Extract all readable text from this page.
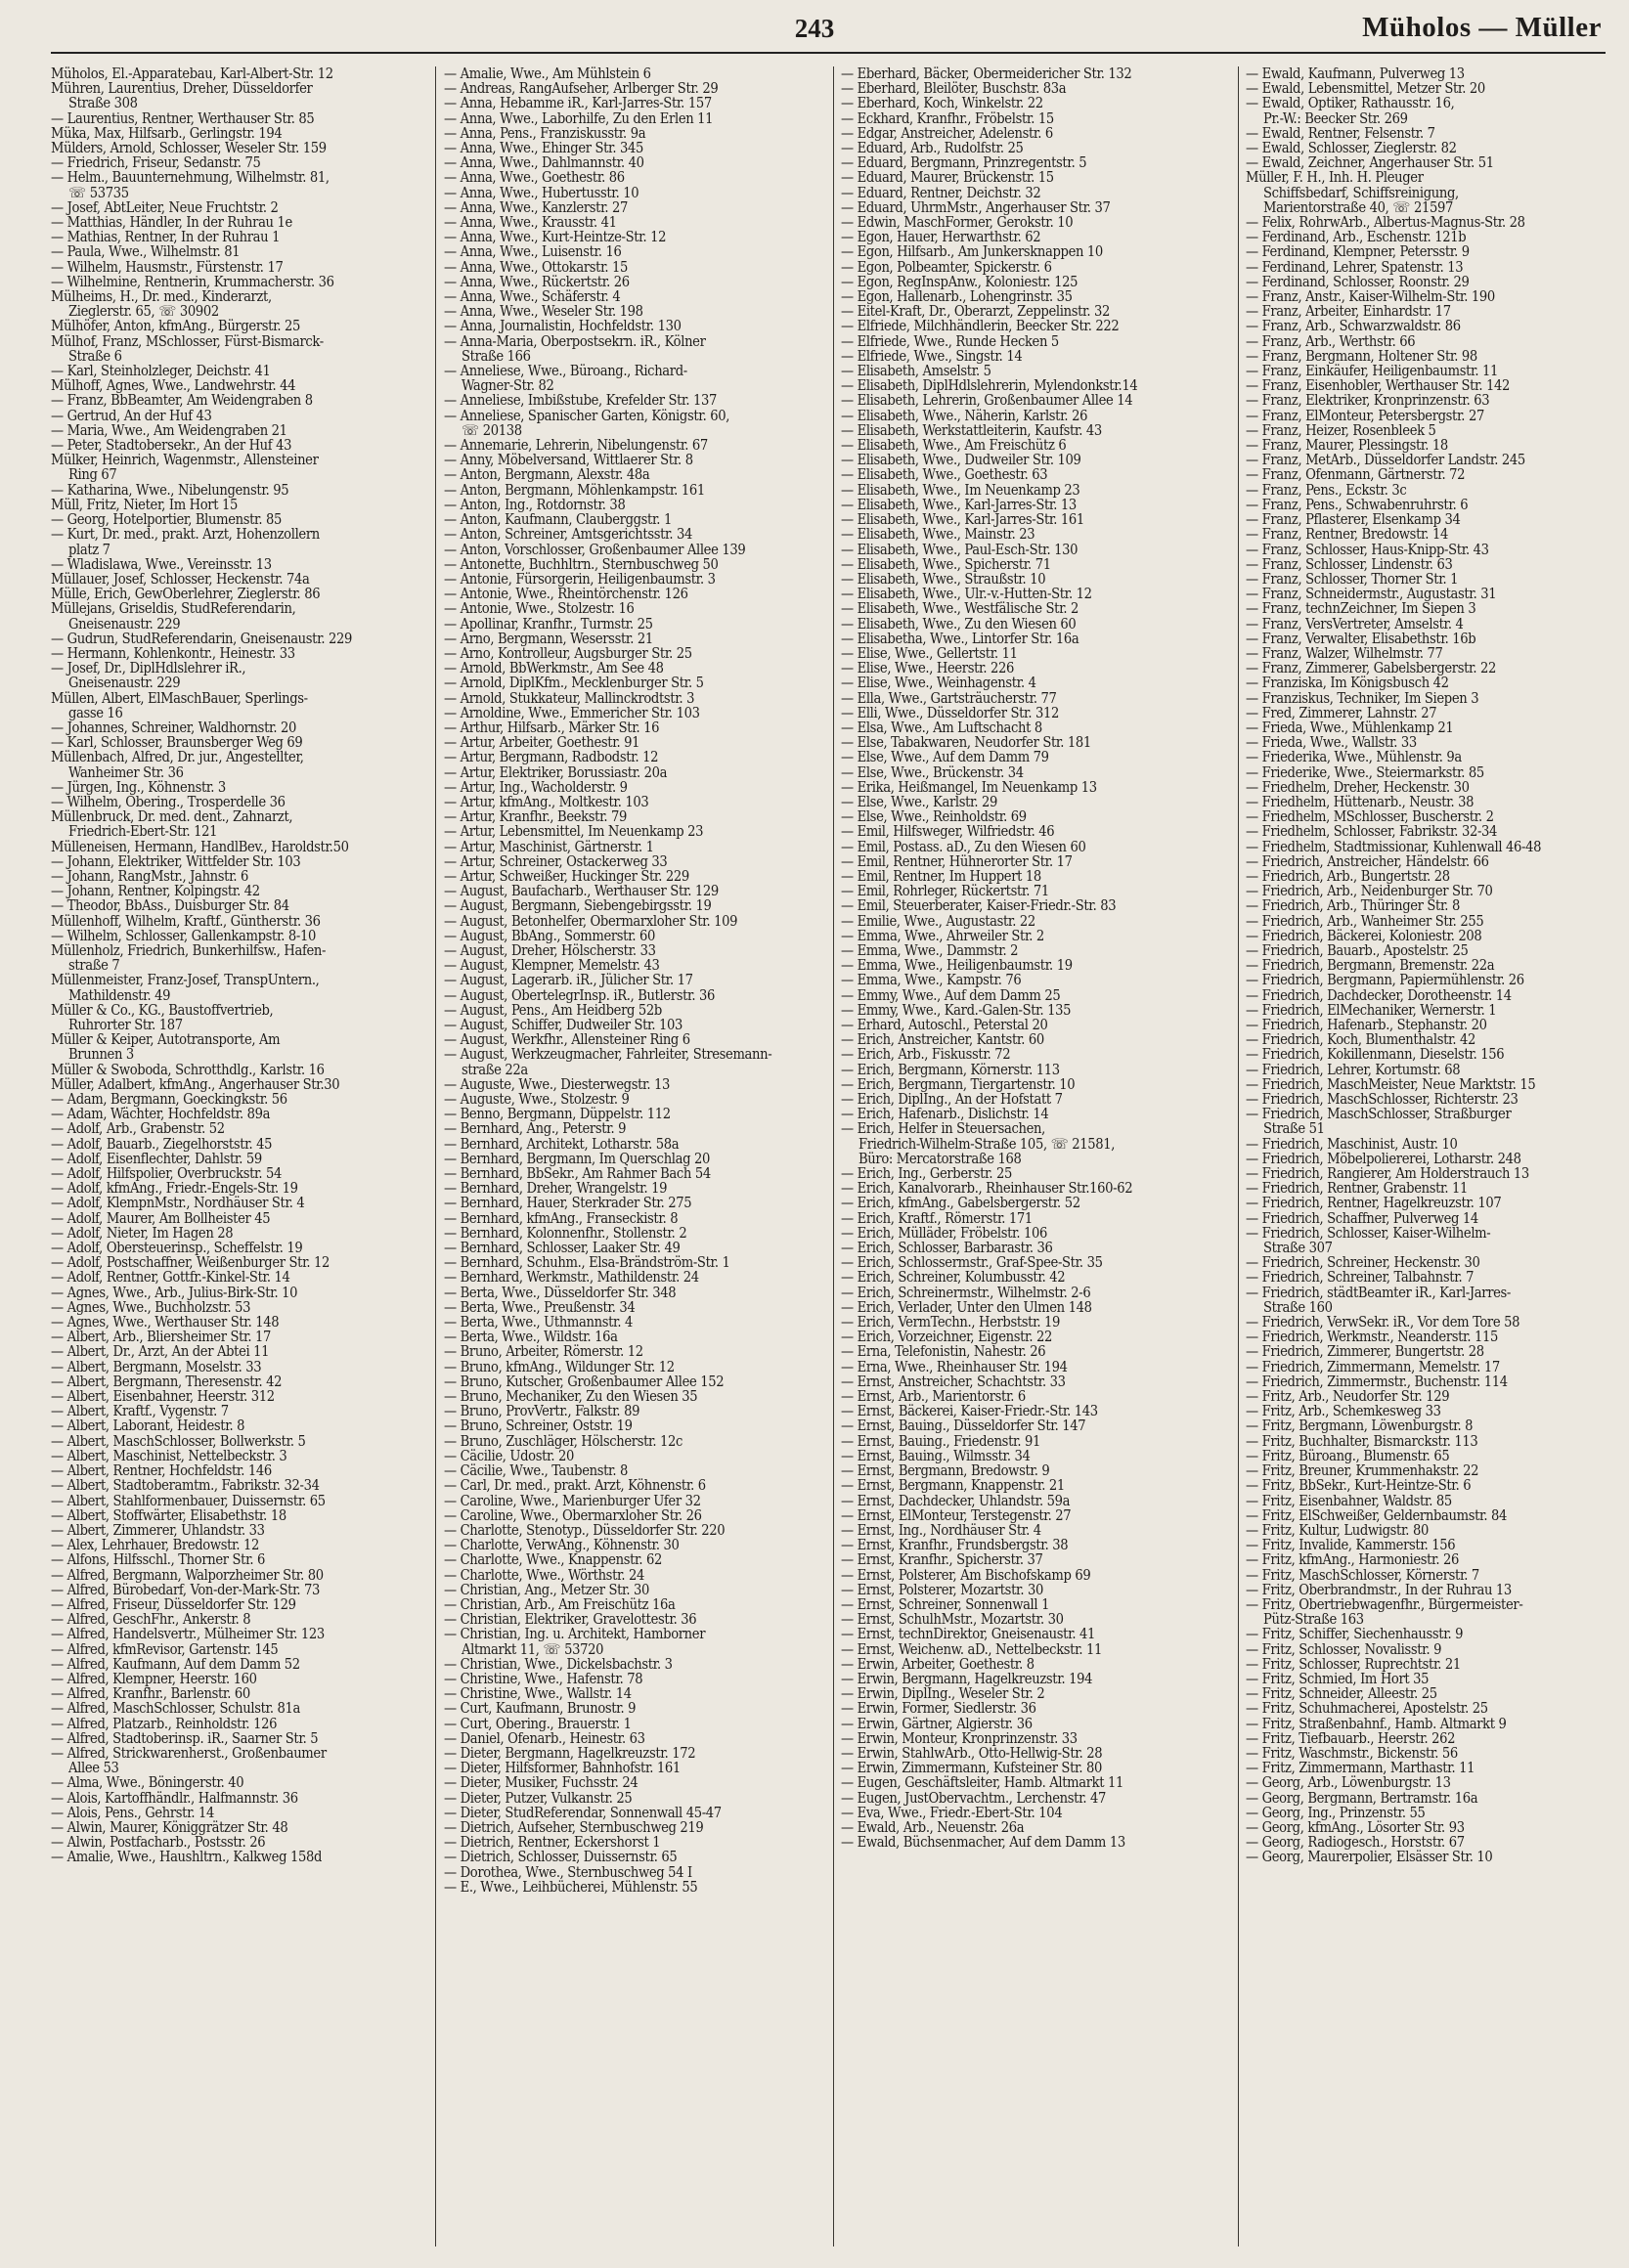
243	Müholos — Müller
Müholos, El.-Apparatebau, Karl-Albert-Str. 12
Mühren, Laurentius, Dreher, Düsseldorfer
Straße 308
— Laurentius, Rentner, Werthauser Str. 85
Müka, Max, Hilfsarb., Gerlingstr. 194
Mülders, Arnold, Schlosser, Weseler Str. 159
— Friedrich, Friseur, Sedanstr. 75
— Helm., Bauunternehmung, Wilhelmstr. 81,
☏ 53735
— Josef, AbtLeiter, Neue Fruchtstr. 2
— Matthias, Händler, In der Ruhrau 1e
— Mathias, Rentner, In der Ruhrau 1
— Paula, Wwe., Wilhelmstr. 81
— Wilhelm, Hausmstr., Fürstenstr. 17
— Wilhelmine, Rentnerin, Krummacherstr. 36
Mülheims, H., Dr. med., Kinderarzt,
Zieglerstr. 65, ☏ 30902
Mülhöfer, Anton, kfmAng., Bürgerstr. 25
Mülhof, Franz, MSchlosser, Fürst-Bismarck-
Straße 6
— Karl, Steinholzleger, Deichstr. 41
Mülhoff, Agnes, Wwe., Landwehrstr. 44
— Franz, BbBeamter, Am Weidengraben 8
— Gertrud, An der Huf 43
— Maria, Wwe., Am Weidengraben 21
— Peter, Stadtobersekr., An der Huf 43
Mülker, Heinrich, Wagenmstr., Allensteiner
Ring 67
— Katharina, Wwe., Nibelungenstr. 95
Müll, Fritz, Nieter, Im Hort 15
— Georg, Hotelportier, Blumenstr. 85
— Kurt, Dr. med., prakt. Arzt, Hohenzollern
platz 7
— Wladislawa, Wwe., Vereinsstr. 13
Müllauer, Josef, Schlosser, Heckenstr. 74a
Mülle, Erich, GewOberlehrer, Zieglerstr. 86
Müllejans, Griseldis, StudReferendarin,
Gneisenaustr. 229
— Gudrun, StudReferendarin, Gneisenaustr. 229
— Hermann, Kohlenkontr., Heinestr. 33
— Josef, Dr., DiplHdlslehrer iR.,
Gneisenaustr. 229
Müllen, Albert, ElMaschBauer, Sperlings-
gasse 16
— Johannes, Schreiner, Waldhornstr. 20
— Karl, Schlosser, Braunsberger Weg 69
Müllenbach, Alfred, Dr. jur., Angestellter,
Wanheimer Str. 36
— Jürgen, Ing., Köhnenstr. 3
— Wilhelm, Obering., Trosperdelle 36
Müllenbruck, Dr. med. dent., Zahnarzt,
Friedrich-Ebert-Str. 121
Mülleneisen, Hermann, HandlBev., Haroldstr.50
— Johann, Elektriker, Wittfelder Str. 103
— Johann, RangMstr., Jahnstr. 6
— Johann, Rentner, Kolpingstr. 42
— Theodor, BbAss., Duisburger Str. 84
Müllenhoff, Wilhelm, Kraftf., Güntherstr. 36
— Wilhelm, Schlosser, Gallenkampstr. 8-10
Müllenholz, Friedrich, Bunkerhilfsw., Hafen-
straße 7
Müllenmeister, Franz-Josef, TranspUntern.,
Mathildenstr. 49
Müller & Co., KG., Baustoffvertrieb,
Ruhrorter Str. 187
Müller & Keiper, Autotransporte, Am
Brunnen 3
Müller & Swoboda, Schrotthdlg., Karlstr. 16
Müller, Adalbert, kfmAng., Angerhauser Str.30
— Adam, Bergmann, Goeckingkstr. 56
— Adam, Wächter, Hochfeldstr. 89a
— Adolf, Arb., Grabenstr. 52
— Adolf, Bauarb., Ziegelhorststr. 45
— Adolf, Eisenflechter, Dahlstr. 59
— Adolf, Hilfspolier, Overbruckstr. 54
— Adolf, kfmAng., Friedr.-Engels-Str. 19
— Adolf, KlempnMstr., Nordhäuser Str. 4
— Adolf, Maurer, Am Bollheister 45
— Adolf, Nieter, Im Hagen 28
— Adolf, Obersteuerinsp., Scheffelstr. 19
— Adolf, Postschaffner, Weißenburger Str. 12
— Adolf, Rentner, Gottfr.-Kinkel-Str. 14
— Agnes, Wwe., Arb., Julius-Birk-Str. 10
— Agnes, Wwe., Buchholzstr. 53
— Agnes, Wwe., Werthauser Str. 148
— Albert, Arb., Bliersheimer Str. 17
— Albert, Dr., Arzt, An der Abtei 11
— Albert, Bergmann, Moselstr. 33
— Albert, Bergmann, Theresenstr. 42
— Albert, Eisenbahner, Heerstr. 312
— Albert, Kraftf., Vygenstr. 7
— Albert, Laborant, Heidestr. 8
— Albert, MaschSchlosser, Bollwerkstr. 5
— Albert, Maschinist, Nettelbeckstr. 3
— Albert, Rentner, Hochfeldstr. 146
— Albert, Stadtoberamtm., Fabrikstr. 32-34
— Albert, Stahlformenbauer, Duissernstr. 65
— Albert, Stoffwärter, Elisabethstr. 18
— Albert, Zimmerer, Uhlandstr. 33
— Alex, Lehrhauer, Bredowstr. 12
— Alfons, Hilfsschl., Thorner Str. 6
— Alfred, Bergmann, Walporzheimer Str. 80
— Alfred, Bürobedarf, Von-der-Mark-Str. 73
— Alfred, Friseur, Düsseldorfer Str. 129
— Alfred, GeschFhr., Ankerstr. 8
— Alfred, Handelsvertr., Mülheimer Str. 123
— Alfred, kfmRevisor, Gartenstr. 145
— Alfred, Kaufmann, Auf dem Damm 52
— Alfred, Klempner, Heerstr. 160
— Alfred, Kranfhr., Barlenstr. 60
— Alfred, MaschSchlosser, Schulstr. 81a
— Alfred, Platzarb., Reinholdstr. 126
— Alfred, Stadtoberinsp. iR., Saarner Str. 5
— Alfred, Strickwarenherst., Großenbaumer
Allee 53
— Alma, Wwe., Böningerstr. 40
— Alois, Kartoffhändlr., Halfmannstr. 36
— Alois, Pens., Gehrstr. 14
— Alwin, Maurer, Königgrätzer Str. 48
— Alwin, Postfacharb., Postsstr. 26
— Amalie, Wwe., Haushltrn., Kalkweg 158d
— Amalie, Wwe., Am Mühlstein 6
— Andreas, RangAufseher, Arlberger Str. 29
— Anna, Hebamme iR., Karl-Jarres-Str. 157
— Anna, Wwe., Laborhilfe, Zu den Erlen 11
— Anna, Pens., Franziskusstr. 9a
— Anna, Wwe., Ehinger Str. 345
— Anna, Wwe., Dahlmannstr. 40
— Anna, Wwe., Goethestr. 86
— Anna, Wwe., Hubertusstr. 10
— Anna, Wwe., Kanzlerstr. 27
— Anna, Wwe., Krausstr. 41
— Anna, Wwe., Kurt-Heintze-Str. 12
— Anna, Wwe., Luisenstr. 16
— Anna, Wwe., Ottokarstr. 15
— Anna, Wwe., Rückertstr. 26
— Anna, Wwe., Schäferstr. 4
— Anna, Wwe., Weseler Str. 198
— Anna, Journalistin, Hochfeldstr. 130
— Anna-Maria, Oberpostsekrn. iR., Kölner
Straße 166
— Anneliese, Wwe., Büroang., Richard-
Wagner-Str. 82
— Anneliese, Imbißstube, Krefelder Str. 137
— Anneliese, Spanischer Garten, Königstr. 60,
☏ 20138
— Annemarie, Lehrerin, Nibelungenstr. 67
— Anny, Möbelversand, Wittlaerer Str. 8
— Anton, Bergmann, Alexstr. 48a
— Anton, Bergmann, Möhlenkampstr. 161
— Anton, Ing., Rotdornstr. 38
— Anton, Kaufmann, Clauberggstr. 1
— Anton, Schreiner, Amtsgerichtsstr. 34
— Anton, Vorschlosser, Großenbaumer Allee 139
— Antonette, Buchhltrn., Sternbuschweg 50
— Antonie, Fürsorgerin, Heiligenbaumstr. 3
— Antonie, Wwe., Rheintörchenstr. 126
— Antonie, Wwe., Stolzestr. 16
— Apollinar, Kranfhr., Turmstr. 25
— Arno, Bergmann, Wesersstr. 21
— Arno, Kontrolleur, Augsburger Str. 25
— Arnold, BbWerkmstr., Am See 48
— Arnold, DiplKfm., Mecklenburger Str. 5
— Arnold, Stukkateur, Mallinckrodtstr. 3
— Arnoldine, Wwe., Emmericher Str. 103
— Arthur, Hilfsarb., Märker Str. 16
— Artur, Arbeiter, Goethestr. 91
— Artur, Bergmann, Radbodstr. 12
— Artur, Elektriker, Borussiastr. 20a
— Artur, Ing., Wacholderstr. 9
— Artur, kfmAng., Moltkestr. 103
— Artur, Kranfhr., Beekstr. 79
— Artur, Lebensmittel, Im Neuenkamp 23
— Artur, Maschinist, Gärtnerstr. 1
— Artur, Schreiner, Ostackerweg 33
— Artur, Schweißer, Huckinger Str. 229
— August, Baufacharb., Werthauser Str. 129
— August, Bergmann, Siebengebirgsstr. 19
— August, Betonhelfer, Obermarxloher Str. 109
— August, BbAng., Sommerstr. 60
— August, Dreher, Hölscherstr. 33
— August, Klempner, Memelstr. 43
— August, Lagerarb. iR., Jülicher Str. 17
— August, ObertelegrInsp. iR., Butlerstr. 36
— August, Pens., Am Heidberg 52b
— August, Schiffer, Dudweiler Str. 103
— August, Werkfhr., Allensteiner Ring 6
— August, Werkzeugmacher, Fahrleiter, Stresemann-
straße 22a
— Auguste, Wwe., Diesterwegstr. 13
— Auguste, Wwe., Stolzestr. 9
— Benno, Bergmann, Düppelstr. 112
— Bernhard, Ang., Peterstr. 9
— Bernhard, Architekt, Lotharstr. 58a
— Bernhard, Bergmann, Im Querschlag 20
— Bernhard, BbSekr., Am Rahmer Bach 54
— Bernhard, Dreher, Wrangelstr. 19
— Bernhard, Hauer, Sterkrader Str. 275
— Bernhard, kfmAng., Franseckistr. 8
— Bernhard, Kolonnenfhr., Stollenstr. 2
— Bernhard, Schlosser, Laaker Str. 49
— Bernhard, Schuhm., Elsa-Brändström-Str. 1
— Bernhard, Werkmstr., Mathildenstr. 24
— Berta, Wwe., Düsseldorfer Str. 348
— Berta, Wwe., Preußenstr. 34
— Berta, Wwe., Uthmannstr. 4
— Berta, Wwe., Wildstr. 16a
— Bruno, Arbeiter, Römerstr. 12
— Bruno, kfmAng., Wildunger Str. 12
— Bruno, Kutscher, Großenbaumer Allee 152
— Bruno, Mechaniker, Zu den Wiesen 35
— Bruno, ProvVertr., Falkstr. 89
— Bruno, Schreiner, Oststr. 19
— Bruno, Zuschläger, Hölscherstr. 12c
— Cäcilie, Udostr. 20
— Cäcilie, Wwe., Taubenstr. 8
— Carl, Dr. med., prakt. Arzt, Köhnenstr. 6
— Caroline, Wwe., Marienburger Ufer 32
— Caroline, Wwe., Obermarxloher Str. 26
— Charlotte, Stenotyp., Düsseldorfer Str. 220
— Charlotte, VerwAng., Köhnenstr. 30
— Charlotte, Wwe., Knappenstr. 62
— Charlotte, Wwe., Wörthstr. 24
— Christian, Ang., Metzer Str. 30
— Christian, Arb., Am Freischütz 16a
— Christian, Elektriker, Gravelottestr. 36
— Christian, Ing. u. Architekt, Hamborner
Altmarkt 11, ☏ 53720
— Christian, Wwe., Dickelsbachstr. 3
— Christine, Wwe., Hafenstr. 78
— Christine, Wwe., Wallstr. 14
— Curt, Kaufmann, Brunostr. 9
— Curt, Obering., Brauerstr. 1
— Daniel, Ofenarb., Heinestr. 63
— Dieter, Bergmann, Hagelkreuzstr. 172
— Dieter, Hilfsformer, Bahnhofstr. 161
— Dieter, Musiker, Fuchsstr. 24
— Dieter, Putzer, Vulkanstr. 25
— Dieter, StudReferendar, Sonnenwall 45-47
— Dietrich, Aufseher, Sternbuschweg 219
— Dietrich, Rentner, Eckershorst 1
— Dietrich, Schlosser, Duissernstr. 65
— Dorothea, Wwe., Sternbuschweg 54 I
— E., Wwe., Leihbücherei, Mühlenstr. 55
— Eberhard, Bäcker, Obermeidericher Str. 132
— Eberhard, Bleilöter, Buschstr. 83a
— Eberhard, Koch, Winkelstr. 22
— Eckhard, Kranfhr., Fröbelstr. 15
— Edgar, Anstreicher, Adelenstr. 6
— Eduard, Arb., Rudolfstr. 25
— Eduard, Bergmann, Prinzregentstr. 5
— Eduard, Maurer, Brückenstr. 15
— Eduard, Rentner, Deichstr. 32
— Eduard, UhrmMstr., Angerhauser Str. 37
— Edwin, MaschFormer, Gerokstr. 10
— Egon, Hauer, Herwarthstr. 62
— Egon, Hilfsarb., Am Junkersknappen 10
— Egon, Polbeamter, Spickerstr. 6
— Egon, RegInspAnw., Koloniestr. 125
— Egon, Hallenarb., Lohengrinstr. 35
— Eitel-Kraft, Dr., Oberarzt, Zeppelinstr. 32
— Elfriede, Milchhändlerin, Beecker Str. 222
— Elfriede, Wwe., Runde Hecken 5
— Elfriede, Wwe., Singstr. 14
— Elisabeth, Amselstr. 5
— Elisabeth, DiplHdlslehrerin, Mylendonkstr.14
— Elisabeth, Lehrerin, Großenbaumer Allee 14
— Elisabeth, Wwe., Näherin, Karlstr. 26
— Elisabeth, Werkstattleiterin, Kaufstr. 43
— Elisabeth, Wwe., Am Freischütz 6
— Elisabeth, Wwe., Dudweiler Str. 109
— Elisabeth, Wwe., Goethestr. 63
— Elisabeth, Wwe., Im Neuenkamp 23
— Elisabeth, Wwe., Karl-Jarres-Str. 13
— Elisabeth, Wwe., Karl-Jarres-Str. 161
— Elisabeth, Wwe., Mainstr. 23
— Elisabeth, Wwe., Paul-Esch-Str. 130
— Elisabeth, Wwe., Spicherstr. 71
— Elisabeth, Wwe., Straußstr. 10
— Elisabeth, Wwe., Ulr.-v.-Hutten-Str. 12
— Elisabeth, Wwe., Westfälische Str. 2
— Elisabeth, Wwe., Zu den Wiesen 60
— Elisabetha, Wwe., Lintorfer Str. 16a
— Elise, Wwe., Gellertstr. 11
— Elise, Wwe., Heerstr. 226
— Elise, Wwe., Weinhagenstr. 4
— Ella, Wwe., Gartsträucherstr. 77
— Elli, Wwe., Düsseldorfer Str. 312
— Elsa, Wwe., Am Luftschacht 8
— Else, Tabakwaren, Neudorfer Str. 181
— Else, Wwe., Auf dem Damm 79
— Else, Wwe., Brückenstr. 34
— Erika, Heißmangel, Im Neuenkamp 13
— Else, Wwe., Karlstr. 29
— Else, Wwe., Reinholdstr. 69
— Emil, Hilfsweger, Wilfriedstr. 46
— Emil, Postass. aD., Zu den Wiesen 60
— Emil, Rentner, Hühnerorter Str. 17
— Emil, Rentner, Im Huppert 18
— Emil, Rohrleger, Rückertstr. 71
— Emil, Steuerberater, Kaiser-Friedr.-Str. 83
— Emilie, Wwe., Augustastr. 22
— Emma, Wwe., Ahrweiler Str. 2
— Emma, Wwe., Dammstr. 2
— Emma, Wwe., Heiligenbaumstr. 19
— Emma, Wwe., Kampstr. 76
— Emmy, Wwe., Auf dem Damm 25
— Emmy, Wwe., Kard.-Galen-Str. 135
— Erhard, Autoschl., Peterstal 20
— Erich, Anstreicher, Kantstr. 60
— Erich, Arb., Fiskusstr. 72
— Erich, Bergmann, Körnerstr. 113
— Erich, Bergmann, Tiergartenstr. 10
— Erich, DiplIng., An der Hofstatt 7
— Erich, Hafenarb., Dislichstr. 14
— Erich, Helfer in Steuersachen,
Friedrich-Wilhelm-Straße 105, ☏ 21581,
Büro: Mercatorstraße 168
— Erich, Ing., Gerberstr. 25
— Erich, Kanalvorarb., Rheinhauser Str.160-62
— Erich, kfmAng., Gabelsbergerstr. 52
— Erich, Kraftf., Römerstr. 171
— Erich, Mülläder, Fröbelstr. 106
— Erich, Schlosser, Barbarastr. 36
— Erich, Schlossermstr., Graf-Spee-Str. 35
— Erich, Schreiner, Kolumbusstr. 42
— Erich, Schreinermstr., Wilhelmstr. 2-6
— Erich, Verlader, Unter den Ulmen 148
— Erich, VermTechn., Herbststr. 19
— Erich, Vorzeichner, Eigenstr. 22
— Erna, Telefonistin, Nahestr. 26
— Erna, Wwe., Rheinhauser Str. 194
— Ernst, Anstreicher, Schachtstr. 33
— Ernst, Arb., Marientorstr. 6
— Ernst, Bäckerei, Kaiser-Friedr.-Str. 143
— Ernst, Bauing., Düsseldorfer Str. 147
— Ernst, Bauing., Friedenstr. 91
— Ernst, Bauing., Wilmsstr. 34
— Ernst, Bergmann, Bredowstr. 9
— Ernst, Bergmann, Knappenstr. 21
— Ernst, Dachdecker, Uhlandstr. 59a
— Ernst, ElMonteur, Terstegenstr. 27
— Ernst, Ing., Nordhäuser Str. 4
— Ernst, Kranfhr., Frundsbergstr. 38
— Ernst, Kranfhr., Spicherstr. 37
— Ernst, Polsterer, Am Bischofskamp 69
— Ernst, Polsterer, Mozartstr. 30
— Ernst, Schreiner, Sonnenwall 1
— Ernst, SchulhMstr., Mozartstr. 30
— Ernst, technDirektor, Gneisenaustr. 41
— Ernst, Weichenw. aD., Nettelbeckstr. 11
— Erwin, Arbeiter, Goethestr. 8
— Erwin, Bergmann, Hagelkreuzstr. 194
— Erwin, DiplIng., Weseler Str. 2
— Erwin, Former, Siedlerstr. 36
— Erwin, Gärtner, Algierstr. 36
— Erwin, Monteur, Kronprinzenstr. 33
— Erwin, StahlwArb., Otto-Hellwig-Str. 28
— Erwin, Zimmermann, Kufsteiner Str. 80
— Eugen, Geschäftsleiter, Hamb. Altmarkt 11
— Eugen, JustObervachtm., Lerchenstr. 47
— Eva, Wwe., Friedr.-Ebert-Str. 104
— Ewald, Arb., Neuenstr. 26a
— Ewald, Büchsenmacher, Auf dem Damm 13
— Ewald, Kaufmann, Pulverweg 13
— Ewald, Lebensmittel, Metzer Str. 20
— Ewald, Optiker, Rathausstr. 16,
Pr.-W.: Beecker Str. 269
— Ewald, Rentner, Felsenstr. 7
— Ewald, Schlosser, Zieglerstr. 82
— Ewald, Zeichner, Angerhauser Str. 51
Müller, F. H., Inh. H. Pleuger
Schiffsbedarf, Schiffsreinigung,
Marientorstraße 40, ☏ 21597
— Felix, RohrwArb., Albertus-Magnus-Str. 28
— Ferdinand, Arb., Eschenstr. 121b
— Ferdinand, Klempner, Petersstr. 9
— Ferdinand, Lehrer, Spatenstr. 13
— Ferdinand, Schlosser, Roonstr. 29
— Franz, Anstr., Kaiser-Wilhelm-Str. 190
— Franz, Arbeiter, Einhardstr. 17
— Franz, Arb., Schwarzwaldstr. 86
— Franz, Arb., Werthstr. 66
— Franz, Bergmann, Holtener Str. 98
— Franz, Einkäufer, Heiligenbaumstr. 11
— Franz, Eisenhobler, Werthauser Str. 142
— Franz, Elektriker, Kronprinzenstr. 63
— Franz, ElMonteur, Petersbergstr. 27
— Franz, Heizer, Rosenbleek 5
— Franz, Maurer, Plessingstr. 18
— Franz, MetArb., Düsseldorfer Landstr. 245
— Franz, Ofenmann, Gärtnerstr. 72
— Franz, Pens., Eckstr. 3c
— Franz, Pens., Schwabenruhrstr. 6
— Franz, Pflasterer, Elsenkamp 34
— Franz, Rentner, Bredowstr. 14
— Franz, Schlosser, Haus-Knipp-Str. 43
— Franz, Schlosser, Lindenstr. 63
— Franz, Schlosser, Thorner Str. 1
— Franz, Schneidermstr., Augustastr. 31
— Franz, technZeichner, Im Siepen 3
— Franz, VersVertreter, Amselstr. 4
— Franz, Verwalter, Elisabethstr. 16b
— Franz, Walzer, Wilhelmstr. 77
— Franz, Zimmerer, Gabelsbergerstr. 22
— Franziska, Im Königsbusch 42
— Franziskus, Techniker, Im Siepen 3
— Fred, Zimmerer, Lahnstr. 27
— Frieda, Wwe., Mühlenkamp 21
— Frieda, Wwe., Wallstr. 33
— Friederika, Wwe., Mühlenstr. 9a
— Friederike, Wwe., Steiermarkstr. 85
— Friedhelm, Dreher, Heckenstr. 30
— Friedhelm, Hüttenarb., Neustr. 38
— Friedhelm, MSchlosser, Buscherstr. 2
— Friedhelm, Schlosser, Fabrikstr. 32-34
— Friedhelm, Stadtmissionar, Kuhlenwall 46-48
— Friedrich, Anstreicher, Händelstr. 66
— Friedrich, Arb., Bungertstr. 28
— Friedrich, Arb., Neidenburger Str. 70
— Friedrich, Arb., Thüringer Str. 8
— Friedrich, Arb., Wanheimer Str. 255
— Friedrich, Bäckerei, Koloniestr. 208
— Friedrich, Bauarb., Apostelstr. 25
— Friedrich, Bergmann, Bremenstr. 22a
— Friedrich, Bergmann, Papiermühlenstr. 26
— Friedrich, Dachdecker, Dorotheenstr. 14
— Friedrich, ElMechaniker, Wernerstr. 1
— Friedrich, Hafenarb., Stephanstr. 20
— Friedrich, Koch, Blumenthalstr. 42
— Friedrich, Kokillenmann, Dieselstr. 156
— Friedrich, Lehrer, Kortumstr. 68
— Friedrich, MaschMeister, Neue Marktstr. 15
— Friedrich, MaschSchlosser, Richterstr. 23
— Friedrich, MaschSchlosser, Straßburger
Straße 51
— Friedrich, Maschinist, Austr. 10
— Friedrich, Möbelpoliererei, Lotharstr. 248
— Friedrich, Rangierer, Am Holderstrauch 13
— Friedrich, Rentner, Grabenstr. 11
— Friedrich, Rentner, Hagelkreuzstr. 107
— Friedrich, Schaffner, Pulverweg 14
— Friedrich, Schlosser, Kaiser-Wilhelm-
Straße 307
— Friedrich, Schreiner, Heckenstr. 30
— Friedrich, Schreiner, Talbahnstr. 7
— Friedrich, städtBeamter iR., Karl-Jarres-
Straße 160
— Friedrich, VerwSekr. iR., Vor dem Tore 58
— Friedrich, Werkmstr., Neanderstr. 115
— Friedrich, Zimmerer, Bungertstr. 28
— Friedrich, Zimmermann, Memelstr. 17
— Friedrich, Zimmermstr., Buchenstr. 114
— Fritz, Arb., Neudorfer Str. 129
— Fritz, Arb., Schemkesweg 33
— Fritz, Bergmann, Löwenburgstr. 8
— Fritz, Buchhalter, Bismarckstr. 113
— Fritz, Büroang., Blumenstr. 65
— Fritz, Breuner, Krummenhakstr. 22
— Fritz, BbSekr., Kurt-Heintze-Str. 6
— Fritz, Eisenbahner, Waldstr. 85
— Fritz, ElSchweißer, Geldernbaumstr. 84
— Fritz, Kultur, Ludwigstr. 80
— Fritz, Invalide, Kammerstr. 156
— Fritz, kfmAng., Harmoniestr. 26
— Fritz, MaschSchlosser, Körnerstr. 7
— Fritz, Oberbrandmstr., In der Ruhrau 13
— Fritz, Obertriebwagenfhr., Bürgermeister-
Pütz-Straße 163
— Fritz, Schiffer, Siechenhausstr. 9
— Fritz, Schlosser, Novalisstr. 9
— Fritz, Schlosser, Ruprechtstr. 21
— Fritz, Schmied, Im Hort 35
— Fritz, Schneider, Alleestr. 25
— Fritz, Schuhmacherei, Apostelstr. 25
— Fritz, Straßenbahnf., Hamb. Altmarkt 9
— Fritz, Tiefbauarb., Heerstr. 262
— Fritz, Waschmstr., Bickenstr. 56
— Fritz, Zimmermann, Marthastr. 11
— Georg, Arb., Löwenburgstr. 13
— Georg, Bergmann, Bertramstr. 16a
— Georg, Ing., Prinzenstr. 55
— Georg, kfmAng., Lösorter Str. 93
— Georg, Radiogesch., Horststr. 67
— Georg, Maurerpolier, Elsässer Str. 10
